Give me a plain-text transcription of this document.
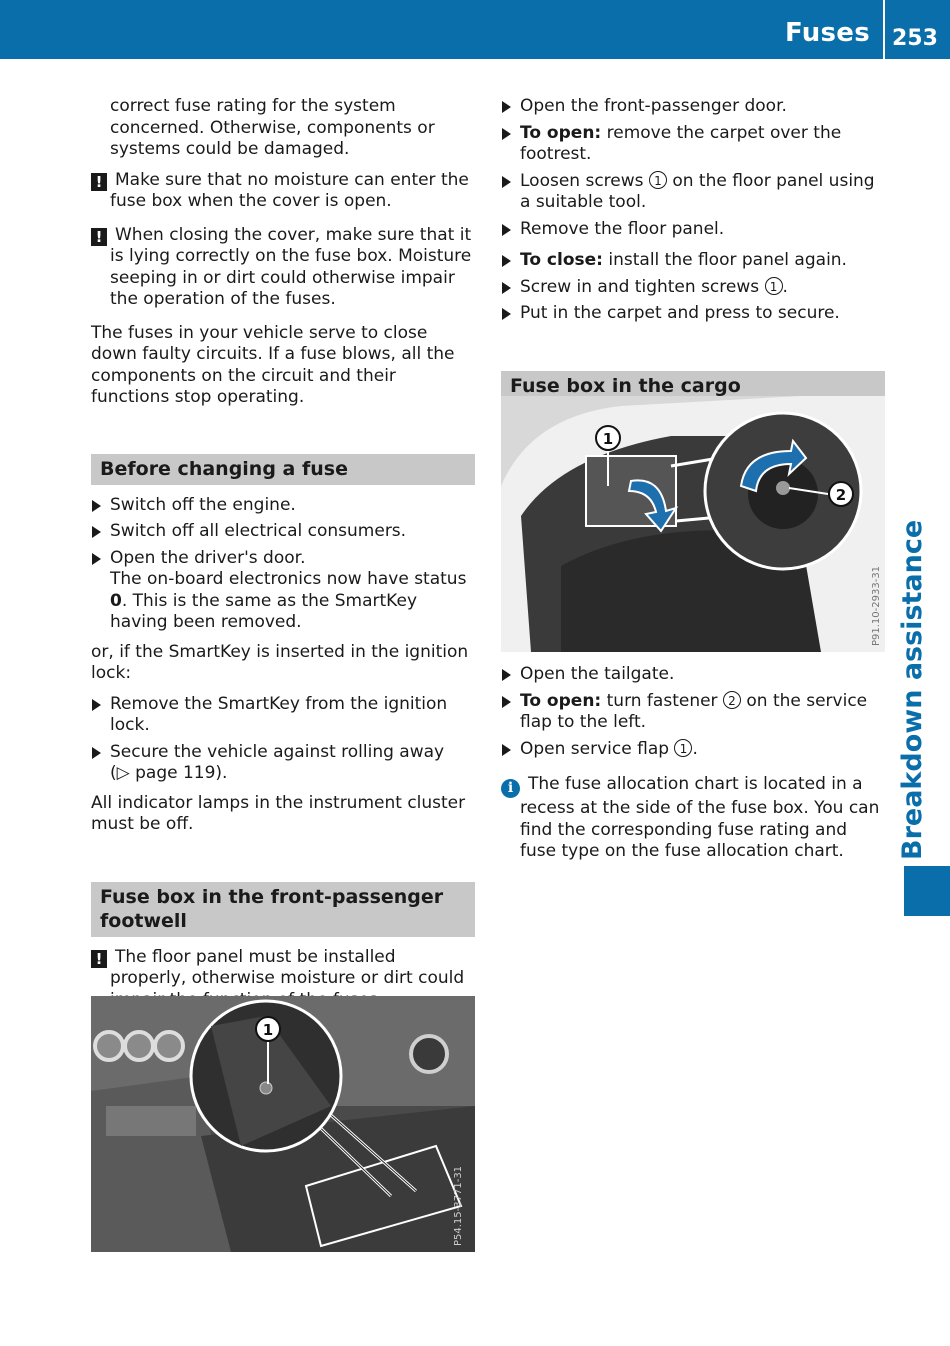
Fuses 253
Breakdown assistance

correct fuse rating for the system concerned. Otherwise, components or systems could be damaged.

! Make sure that no moisture can enter the fuse box when the cover is open.

! When closing the cover, make sure that it is lying correctly on the fuse box. Moisture seeping in or dirt could otherwise impair the operation of the fuses.

The fuses in your vehicle serve to close down faulty circuits. If a fuse blows, all the components on the circuit and their functions stop operating.

Before changing a fuse
Switch off the engine.
Switch off all electrical consumers.
Open the driver's door.
The on-board electronics now have status 0. This is the same as the SmartKey having been removed.

or, if the SmartKey is inserted in the ignition lock:

Remove the SmartKey from the ignition lock.
Secure the vehicle against rolling away
(▷ page 119).

All indicator lamps in the instrument cluster must be off.

Fuse box in the front-passenger footwell

! The floor panel must be installed properly, otherwise moisture or dirt could

1
P54.15-3771-31
Open the front-passenger door.
To open: remove the carpet over the footrest.
Loosen screws 1 on the floor panel using a suitable tool.
Remove the floor panel.
To close: install the floor panel again.
Screw in and tighten screws 1 .
Put in the carpet and press to secure.
Fuse box in the cargo
2
1
P91.10-2933-31
Open the tailgate.
To open: turn fastener 2 on the service flap to the left.
Open service flap 1 .

i The fuse allocation chart is located in a recess at the side of the fuse box. You can find the corresponding fuse rating and fuse type on the fuse allocation chart.
